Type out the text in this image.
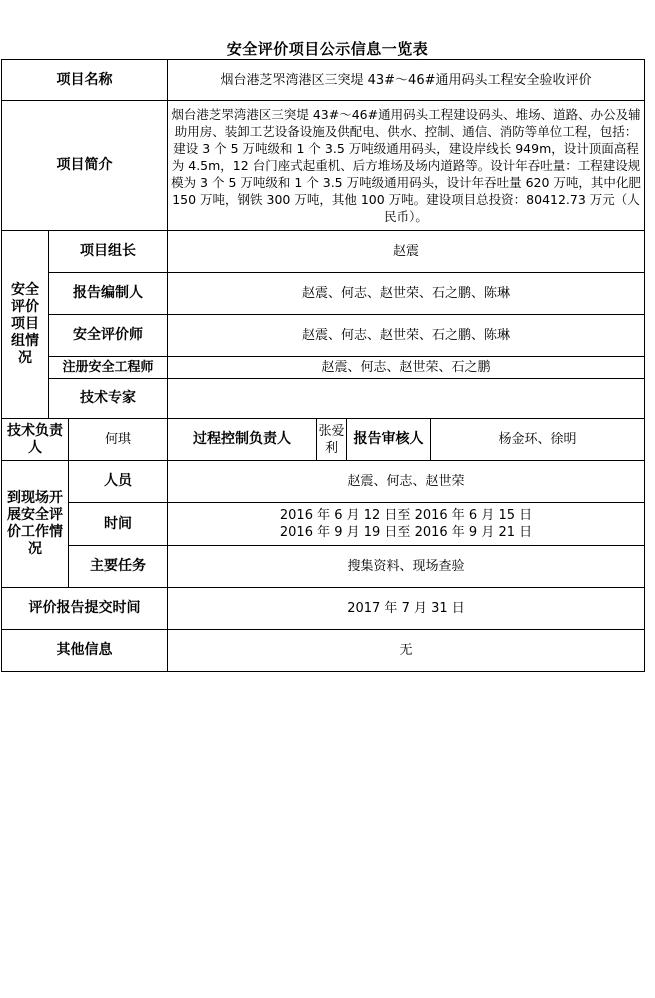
安全评价项目公示信息一览表
项目名称			烟台港芝罘湾港区三突堤 43#～46#通用码头工程安全验收评价			
项目简介			烟台港芝罘湾港区三突堤 43#～46#通用码头工程建设码头、堆场、道路、办公及辅助用房、装卸工艺设备设施及供配电、供水、控制、通信、消防等单位工程，包括：建设 3 个 5 万吨级和 1 个 3.5 万吨级通用码头，建设岸线长 949m，设计顶面高程为 4.5m，12 台门座式起重机、后方堆场及场内道路等。设计年吞吐量：工程建设规模为 3 个 5 万吨级和 1 个 3.5 万吨级通用码头，设计年吞吐量 620 万吨，其中化肥 150 万吨，钢铁 300 万吨，其他 100 万吨。建设项目总投资：80412.73 万元（人民币）。			

安全评价项目组情况	项目组长		赵震			
	报告编制人		赵震、何志、赵世荣、石之鹏、陈琳			
	安全评价师		赵震、何志、赵世荣、石之鹏、陈琳			
	注册安全工程师		赵震、何志、赵世荣、石之鹏			
	技术专家					
技术负责人		何琪	过程控制负责人	张爱利	报告审核人	杨金环、徐明

到现场开展安全评价工作情况		人员	赵震、何志、赵世荣			
		时间	2016 年 6 月 12 日至 2016 年 6 月 15 日
2016 年 9 月 19 日至 2016 年 9 月 21 日			

		主要任务	搜集资料、现场查验			
评价报告提交时间			2017 年 7 月 31 日			
其他信息			无			
